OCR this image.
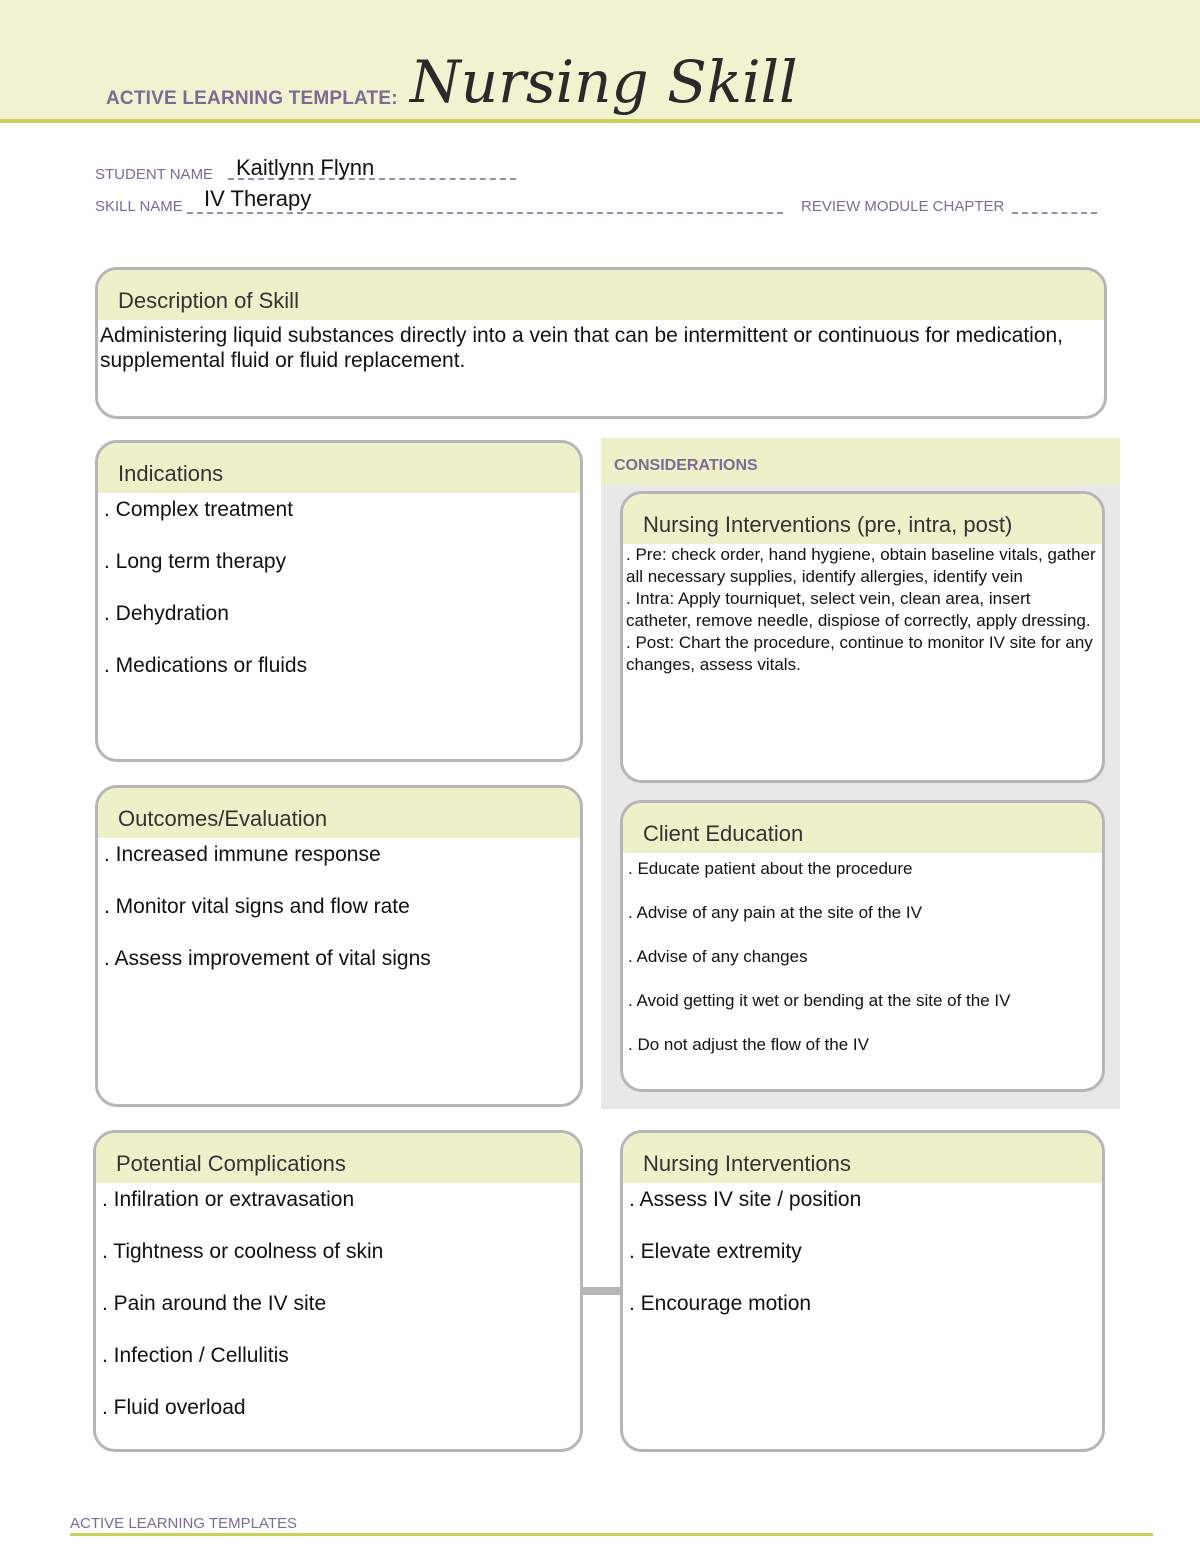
ACTIVE LEARNING TEMPLATE: Nursing Skill
STUDENT NAME Kaitlynn Flynn
SKILL NAME IV Therapy	REVIEW MODULE CHAPTER
Description of Skill
Administering liquid substances directly into a vein that can be intermittent or continuous for medication, supplemental fluid or fluid replacement.
Indications
. Complex treatment
. Long term therapy
. Dehydration
. Medications or fluids
Outcomes/Evaluation
. Increased immune response
. Monitor vital signs and flow rate
. Assess improvement of vital signs
CONSIDERATIONS
Nursing Interventions (pre, intra, post)
. Pre: check order, hand hygiene, obtain baseline vitals, gather all necessary supplies, identify allergies, identify vein
. Intra: Apply tourniquet, select vein, clean area, insert catheter, remove needle, dispiose of correctly, apply dressing.
. Post: Chart the procedure, continue to monitor IV site for any changes, assess vitals.
Client Education
. Educate patient about the procedure
. Advise of any pain at the site of the IV
. Advise of any changes
. Avoid getting it wet or bending at the site of the IV
. Do not adjust the flow of the IV
Potential Complications
. Infilration or extravasation
. Tightness or coolness of skin
. Pain around the IV site
. Infection / Cellulitis
. Fluid overload
Nursing Interventions
. Assess IV site / position
. Elevate extremity
. Encourage motion
ACTIVE LEARNING TEMPLATES
